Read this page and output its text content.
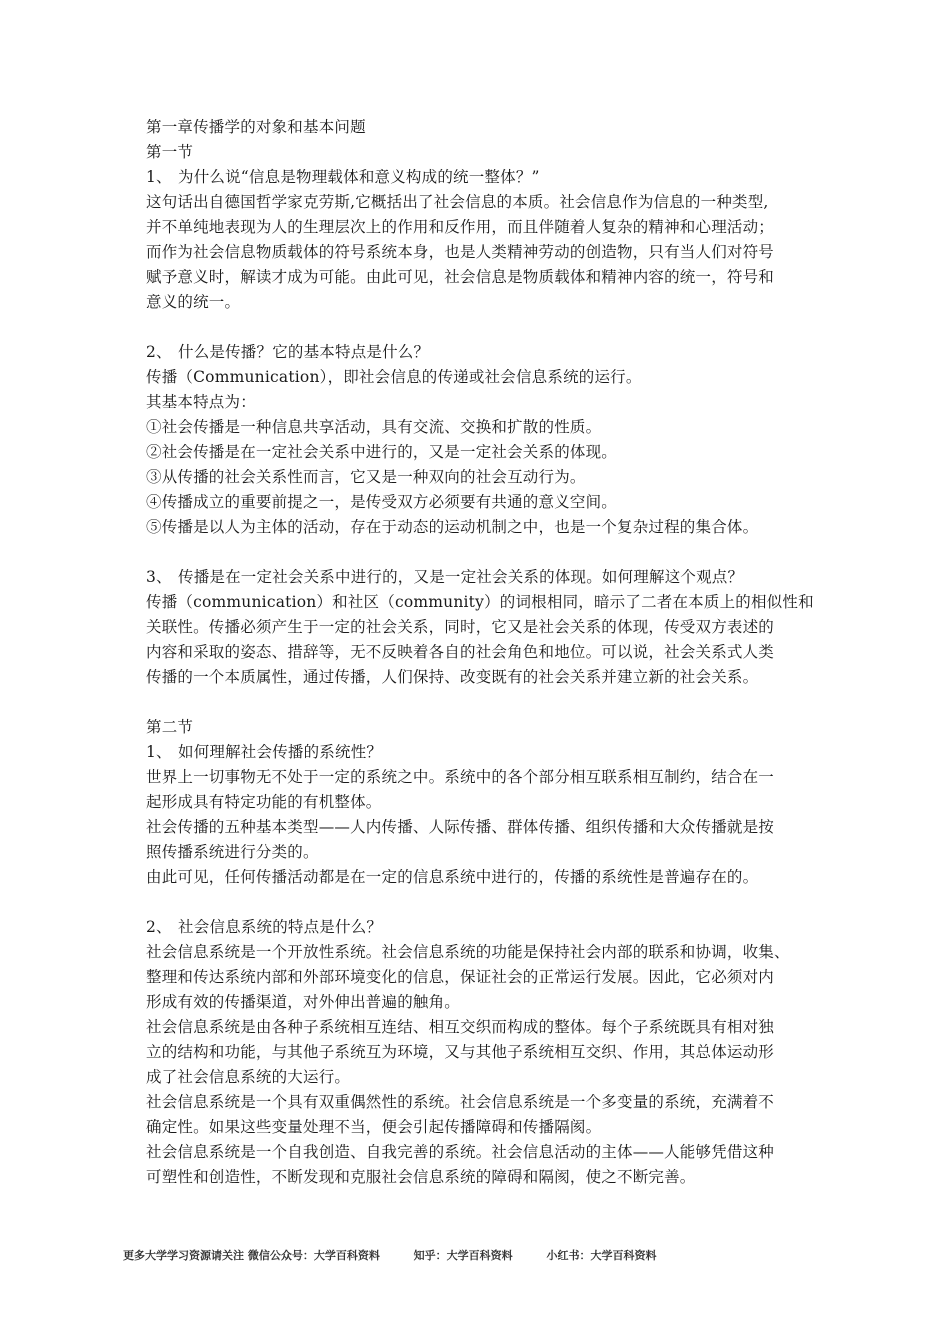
第一章传播学的对象和基本问题
第一节
1、 为什么说“信息是物理载体和意义构成的统一整体？”
这句话出自德国哲学家克劳斯,它概括出了社会信息的本质。社会信息作为信息的一种类型,
并不单纯地表现为人的生理层次上的作用和反作用，而且伴随着人复杂的精神和心理活动；
而作为社会信息物质载体的符号系统本身，也是人类精神劳动的创造物，只有当人们对符号
赋予意义时，解读才成为可能。由此可见，社会信息是物质载体和精神内容的统一，符号和
意义的统一。
2、 什么是传播？它的基本特点是什么？
传播（Communication），即社会信息的传递或社会信息系统的运行。
其基本特点为：
①社会传播是一种信息共享活动，具有交流、交换和扩散的性质。
②社会传播是在一定社会关系中进行的，又是一定社会关系的体现。
③从传播的社会关系性而言，它又是一种双向的社会互动行为。
④传播成立的重要前提之一，是传受双方必须要有共通的意义空间。
⑤传播是以人为主体的活动，存在于动态的运动机制之中，也是一个复杂过程的集合体。
3、 传播是在一定社会关系中进行的，又是一定社会关系的体现。如何理解这个观点？
传播（communication）和社区（community）的词根相同，暗示了二者在本质上的相似性和
关联性。传播必须产生于一定的社会关系，同时，它又是社会关系的体现，传受双方表述的
内容和采取的姿态、措辞等，无不反映着各自的社会角色和地位。可以说，社会关系式人类
传播的一个本质属性，通过传播，人们保持、改变既有的社会关系并建立新的社会关系。
第二节
1、 如何理解社会传播的系统性？
世界上一切事物无不处于一定的系统之中。系统中的各个部分相互联系相互制约，结合在一
起形成具有特定功能的有机整体。
社会传播的五种基本类型——人内传播、人际传播、群体传播、组织传播和大众传播就是按
照传播系统进行分类的。
由此可见，任何传播活动都是在一定的信息系统中进行的，传播的系统性是普遍存在的。
2、 社会信息系统的特点是什么？
社会信息系统是一个开放性系统。社会信息系统的功能是保持社会内部的联系和协调，收集、
整理和传达系统内部和外部环境变化的信息，保证社会的正常运行发展。因此，它必须对内
形成有效的传播渠道，对外伸出普遍的触角。
社会信息系统是由各种子系统相互连结、相互交织而构成的整体。每个子系统既具有相对独
立的结构和功能，与其他子系统互为环境，又与其他子系统相互交织、作用，其总体运动形
成了社会信息系统的大运行。
社会信息系统是一个具有双重偶然性的系统。社会信息系统是一个多变量的系统，充满着不
确定性。如果这些变量处理不当，便会引起传播障碍和传播隔阂。
社会信息系统是一个自我创造、自我完善的系统。社会信息活动的主体——人能够凭借这种
可塑性和创造性，不断发现和克服社会信息系统的障碍和隔阂，使之不断完善。
更多大学学习资源请关注 微信公众号：大学百科资料	知乎：大学百科资料	小红书：大学百科资料
